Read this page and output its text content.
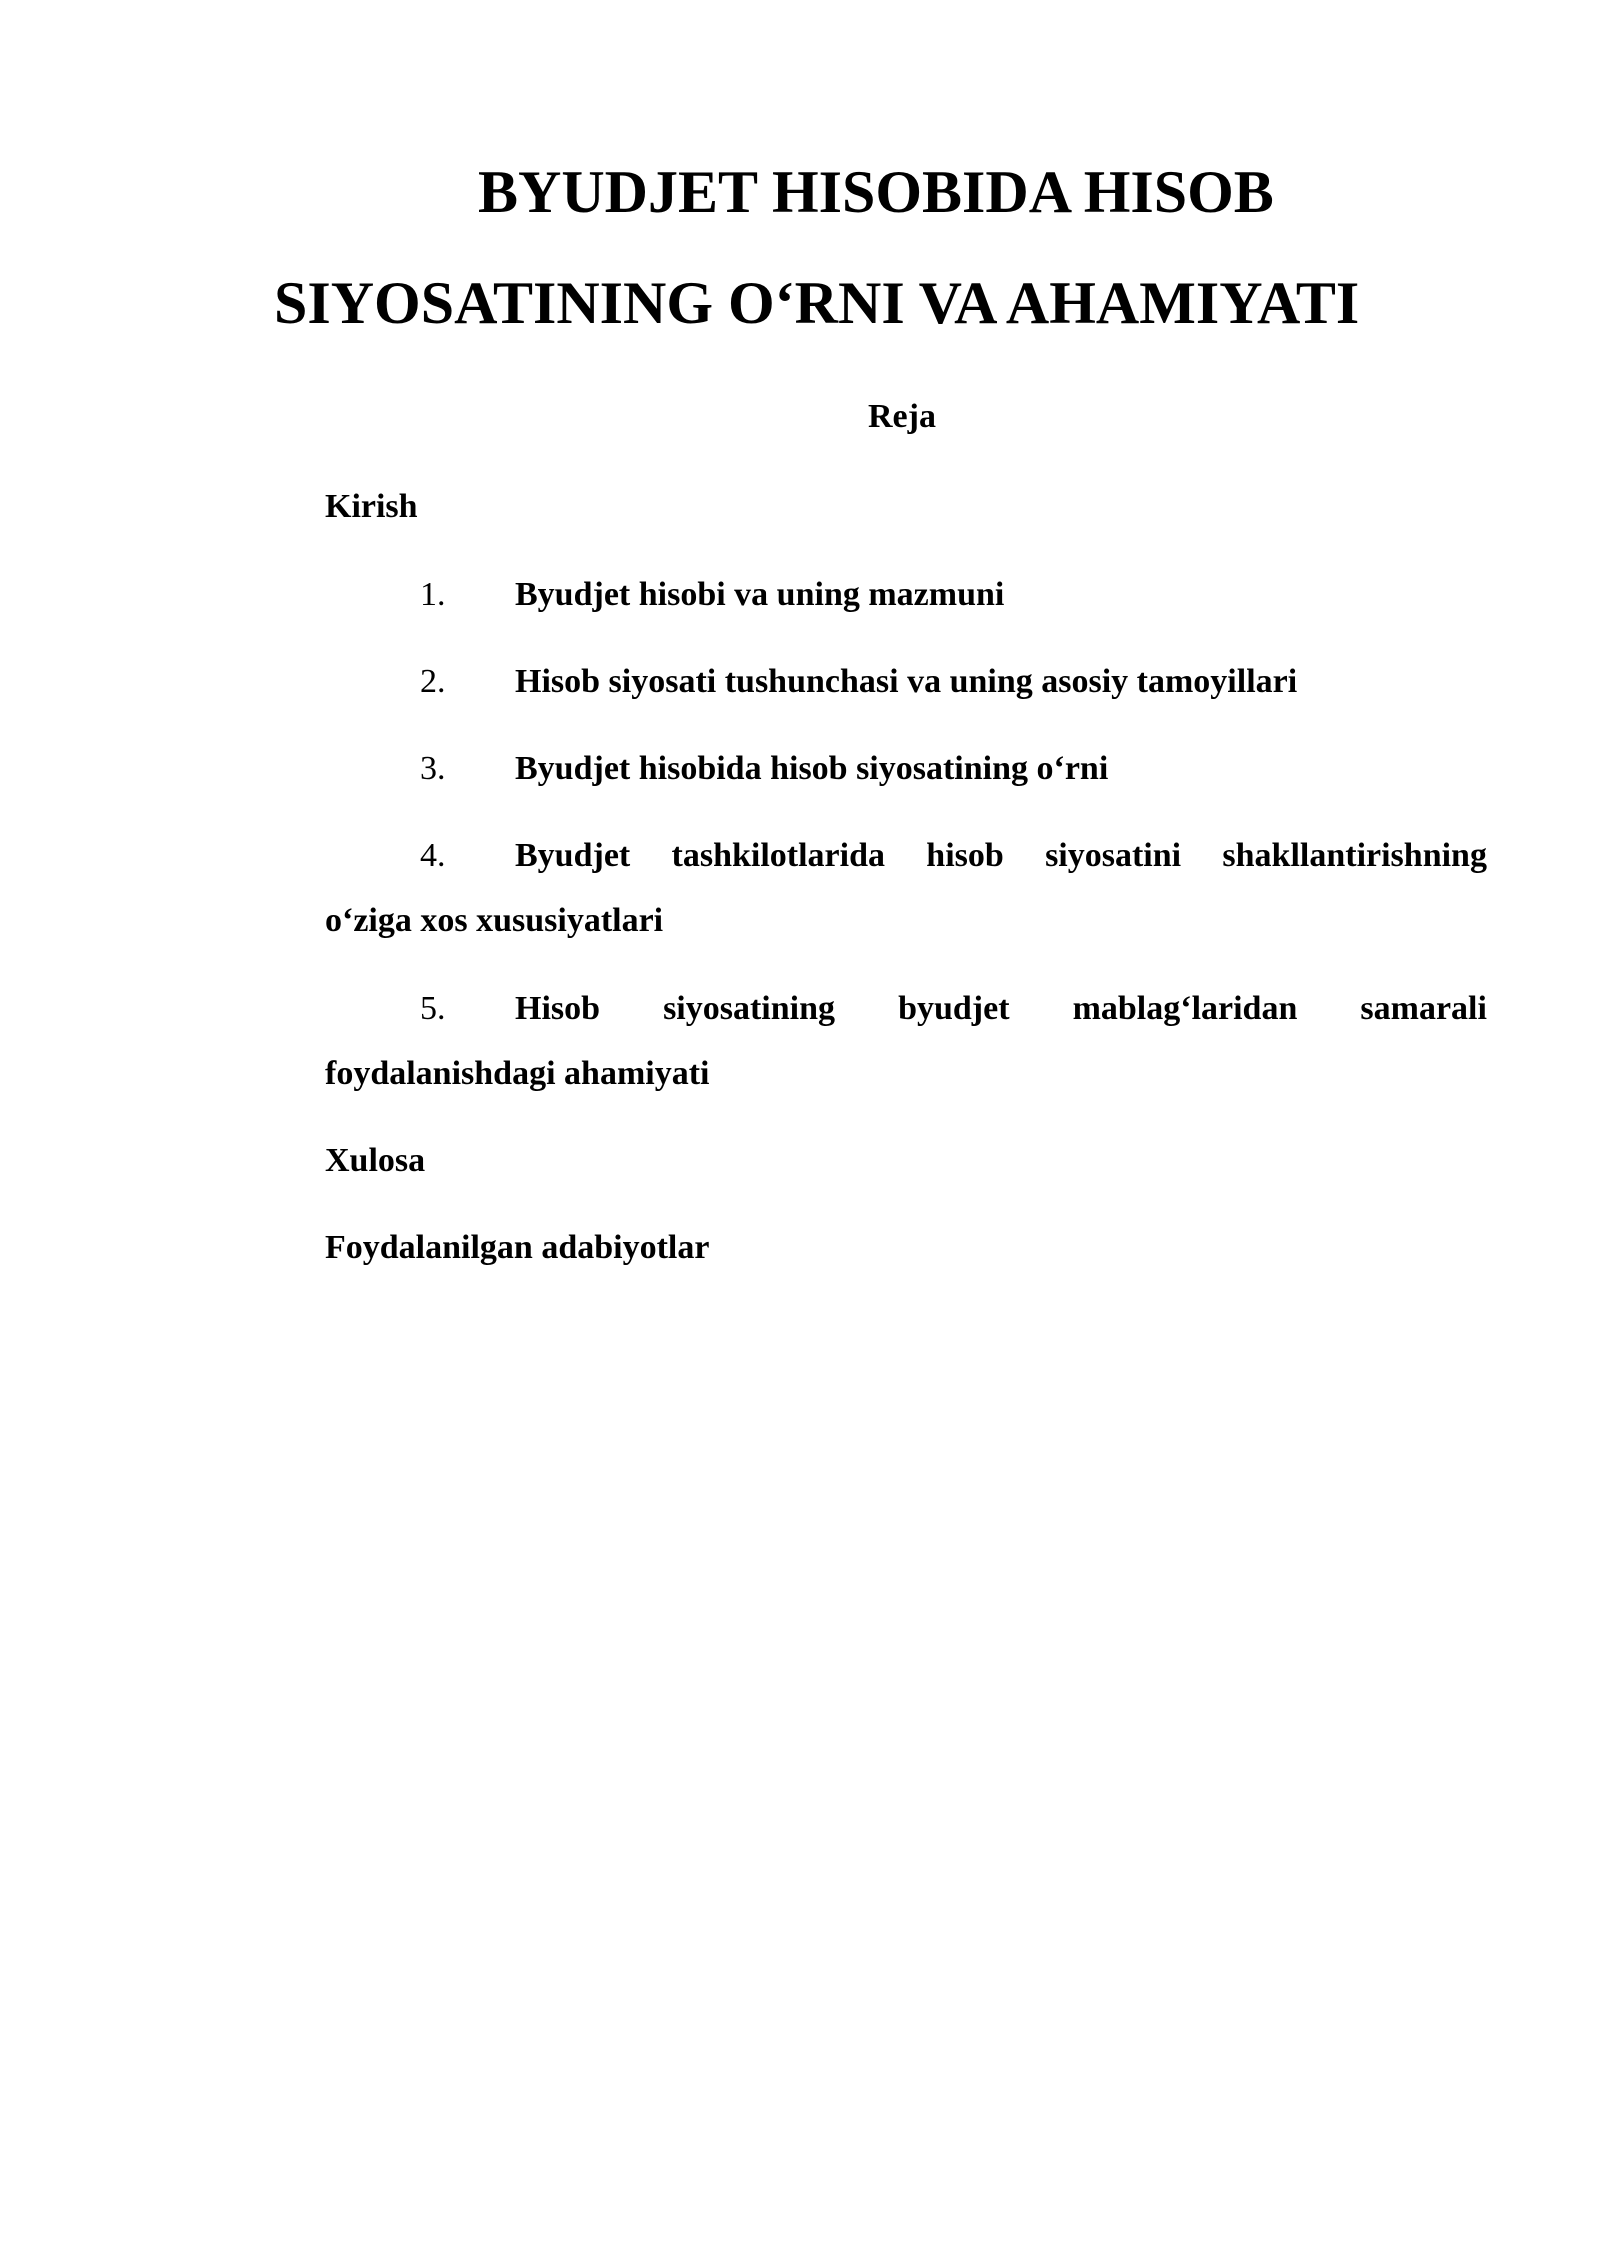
BYUDJET HISOBIDA HISOB
SIYOSATINING O‘RNI VA AHAMIYATI
Reja
Kirish
1. Byudjet hisobi va uning mazmuni
2. Hisob siyosati tushunchasi va uning asosiy tamoyillari
3. Byudjet hisobida hisob siyosatining o‘rni
4. Byudjet tashkilotlarida hisob siyosatini shakllantirishning
o‘ziga xos xususiyatlari
5. Hisob siyosatining byudjet mablag‘laridan samarali
foydalanishdagi ahamiyati
Xulosa
Foydalanilgan adabiyotlar
